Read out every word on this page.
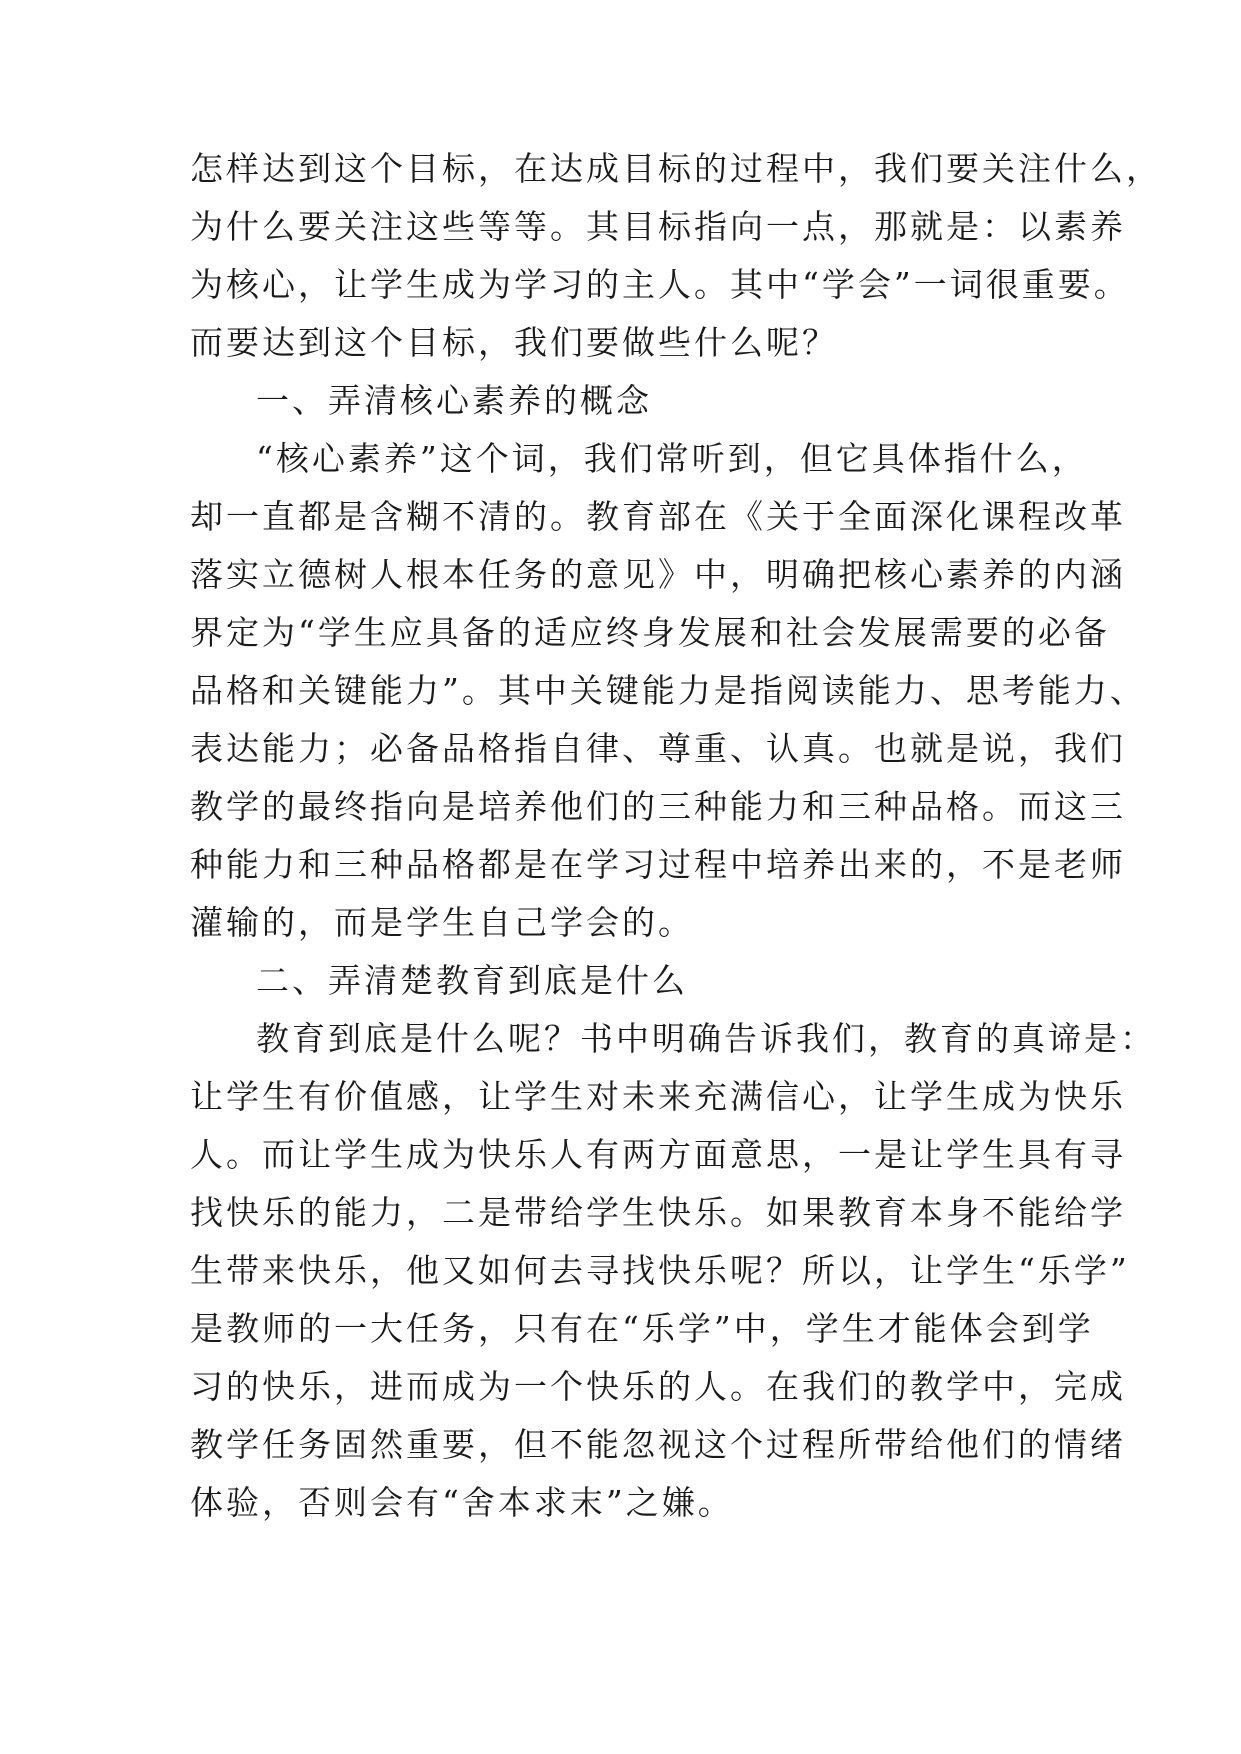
怎样达到这个目标，在达成目标的过程中，我们要关注什么，
为什么要关注这些等等。其目标指向一点，那就是：以素养
为核心，让学生成为学习的主人。其中“学会”一词很重要。
而要达到这个目标，我们要做些什么呢？
一、弄清核心素养的概念
“核心素养”这个词，我们常听到，但它具体指什么，
却一直都是含糊不清的。教育部在《关于全面深化课程改革
落实立德树人根本任务的意见》中，明确把核心素养的内涵
界定为“学生应具备的适应终身发展和社会发展需要的必备
品格和关键能力”。其中关键能力是指阅读能力、思考能力、
表达能力；必备品格指自律、尊重、认真。也就是说，我们
教学的最终指向是培养他们的三种能力和三种品格。而这三
种能力和三种品格都是在学习过程中培养出来的，不是老师
灌输的，而是学生自己学会的。
二、弄清楚教育到底是什么
教育到底是什么呢？书中明确告诉我们，教育的真谛是：
让学生有价值感，让学生对未来充满信心，让学生成为快乐
人。而让学生成为快乐人有两方面意思，一是让学生具有寻
找快乐的能力，二是带给学生快乐。如果教育本身不能给学
生带来快乐，他又如何去寻找快乐呢？所以，让学生“乐学”
是教师的一大任务，只有在“乐学”中，学生才能体会到学
习的快乐，进而成为一个快乐的人。在我们的教学中，完成
教学任务固然重要，但不能忽视这个过程所带给他们的情绪
体验，否则会有“舍本求末”之嫌。
